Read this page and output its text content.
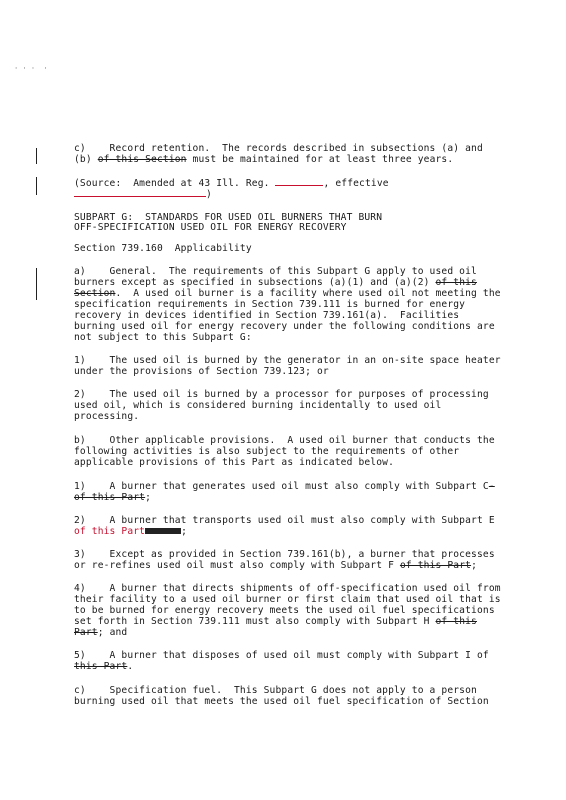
' ' '  '
c)    Record retention.  The records described in subsections (a) and
(b) of this Section must be maintained for at least three years.
(Source:  Amended at 43 Ill. Reg.	, effective
)
SUBPART G:  STANDARDS FOR USED OIL BURNERS THAT BURN
OFF-SPECIFICATION USED OIL FOR ENERGY RECOVERY
Section 739.160  Applicability
a)    General.  The requirements of this Subpart G apply to used oil
burners except as specified in subsections (a)(1) and (a)(2) of this
Section.  A used oil burner is a facility where used oil not meeting the
specification requirements in Section 739.111 is burned for energy
recovery in devices identified in Section 739.161(a).  Facilities
burning used oil for energy recovery under the following conditions are
not subject to this Subpart G:
1)    The used oil is burned by the generator in an on-site space heater
under the provisions of Section 739.123; or
2)    The used oil is burned by a processor for purposes of processing
used oil, which is considered burning incidentally to used oil
processing.
b)    Other applicable provisions.  A used oil burner that conducts the
following activities is also subject to the requirements of other
applicable provisions of this Part as indicated below.
1)    A burner that generates used oil must also comply with Subpart C-
of this Part;
2)    A burner that transports used oil must also comply with Subpart E
of this Part	;
3)    Except as provided in Section 739.161(b), a burner that processes
or re-refines used oil must also comply with Subpart F of this Part;
4)    A burner that directs shipments of off-specification used oil from
their facility to a used oil burner or first claim that used oil that is
to be burned for energy recovery meets the used oil fuel specifications
set forth in Section 739.111 must also comply with Subpart H of this
Part; and
5)    A burner that disposes of used oil must comply with Subpart I of
this Part.
c)    Specification fuel.  This Subpart G does not apply to a person
burning used oil that meets the used oil fuel specification of Section
